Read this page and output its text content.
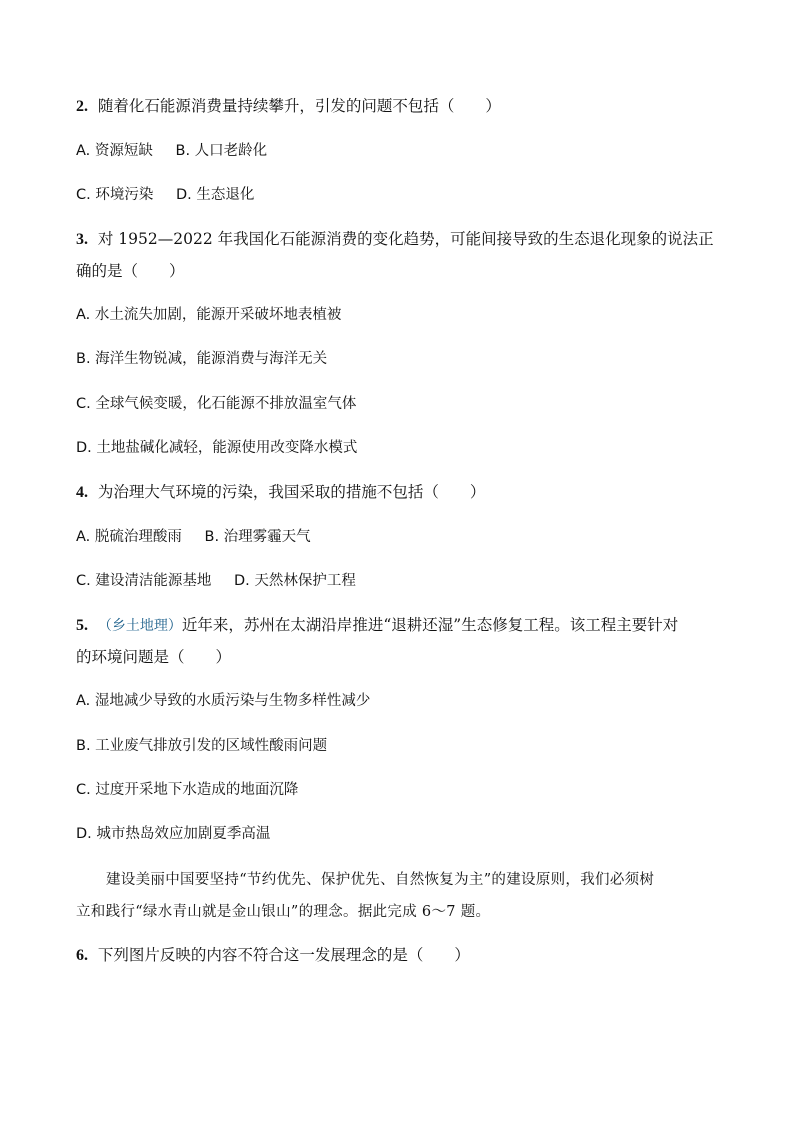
2. 随着化石能源消费量持续攀升，引发的问题不包括（　　）
A. 资源短缺 B. 人口老龄化
C. 环境污染 D. 生态退化
3. 对 1952—2022 年我国化石能源消费的变化趋势，可能间接导致的生态退化现象的说法正
确的是（　　）
A. 水土流失加剧，能源开采破坏地表植被
B. 海洋生物锐减，能源消费与海洋无关
C. 全球气候变暖，化石能源不排放温室气体
D. 土地盐碱化减轻，能源使用改变降水模式
4. 为治理大气环境的污染，我国采取的措施不包括（　　）
A. 脱硫治理酸雨 B. 治理雾霾天气
C. 建设清洁能源基地 D. 天然林保护工程
5. （乡土地理）近年来，苏州在太湖沿岸推进“退耕还湿”生态修复工程。该工程主要针对
的环境问题是（　　）
A. 湿地减少导致的水质污染与生物多样性减少
B. 工业废气排放引发的区域性酸雨问题
C. 过度开采地下水造成的地面沉降
D. 城市热岛效应加剧夏季高温
建设美丽中国要坚持“节约优先、保护优先、自然恢复为主”的建设原则，我们必须树
立和践行“绿水青山就是金山银山”的理念。据此完成 6～7 题。
6. 下列图片反映的内容不符合这一发展理念的是（　　）
